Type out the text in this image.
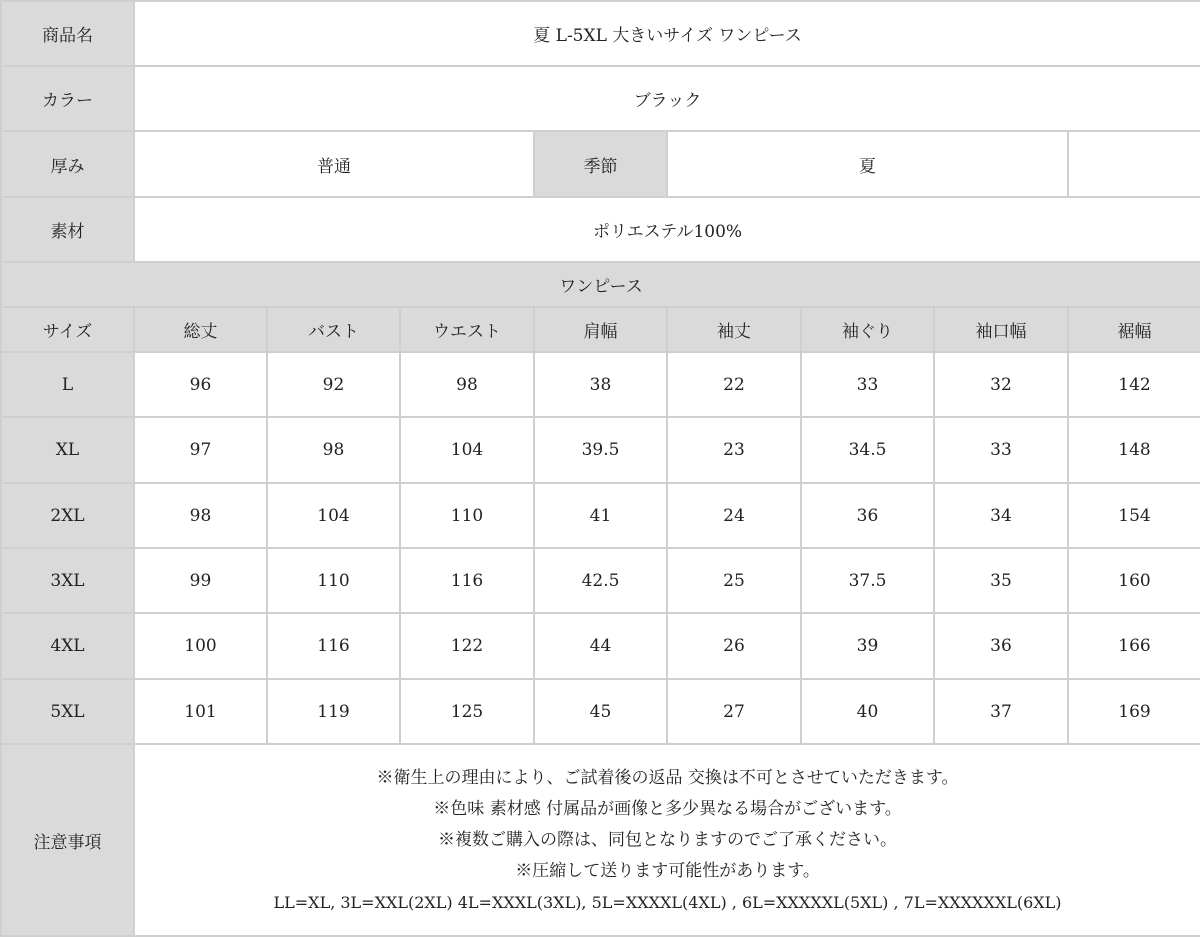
商品名	夏 L-5XL 大きいサイズ ワンピース							
カラー	ブラック							
厚み	普通			季節	夏			
素材	ポリエステル100%							
ワンピース								
サイズ	総丈	バスト	ウエスト	肩幅	袖丈	袖ぐり	袖口幅	裾幅
L	96	92	98	38	22	33	32	142
XL	97	98	104	39.5	23	34.5	33	148
2XL	98	104	110	41	24	36	34	154
3XL	99	110	116	42.5	25	37.5	35	160
4XL	100	116	122	44	26	39	36	166
5XL	101	119	125	45	27	40	37	169
注意事項	※衛生上の理由により、ご試着後の返品 交換は不可とさせていただきます。
※色味 素材感 付属品が画像と多少異なる場合がございます。
※複数ご購入の際は、同包となりますのでご了承ください。
※圧縮して送ります可能性があります。
LL=XL, 3L=XXL(2XL) 4L=XXXL(3XL), 5L=XXXXL(4XL) , 6L=XXXXXL(5XL) , 7L=XXXXXXL(6XL)							
